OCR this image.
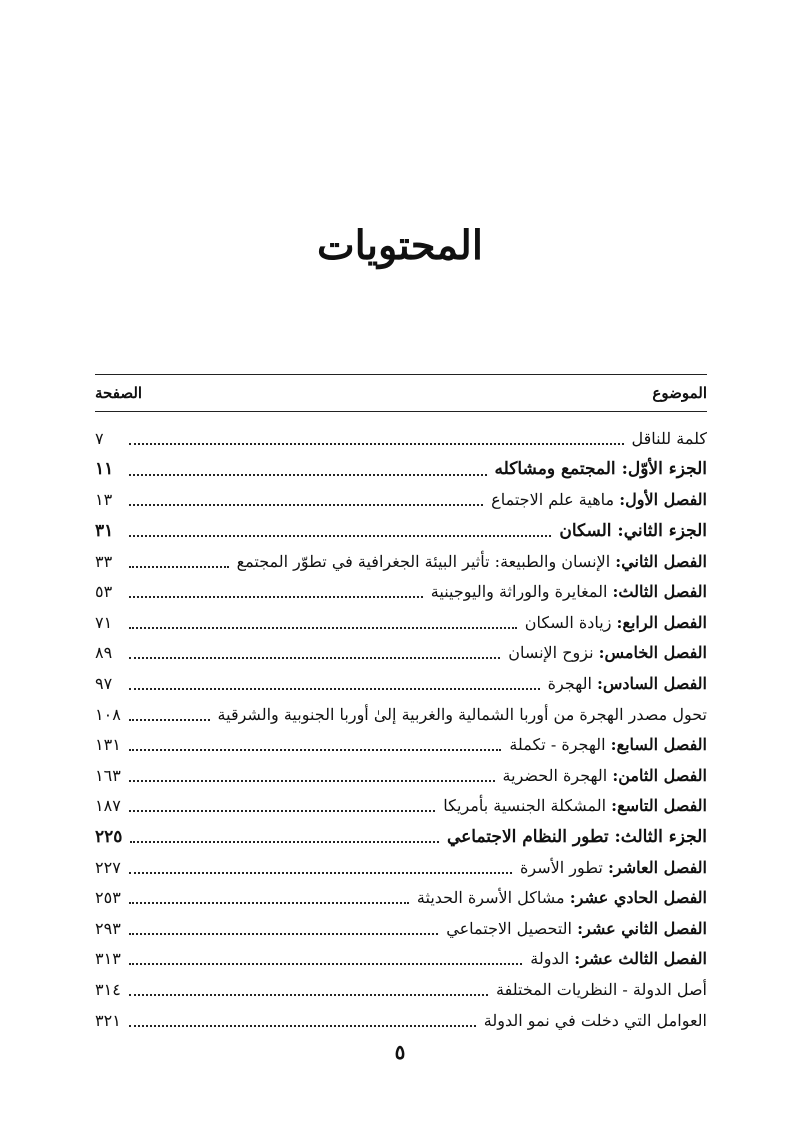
المحتويات
الموضوع
الصفحة
كلمة للناقل
٧
الجزء الأوّل: المجتمع ومشاكله
١١
الفصل الأول: ماهية علم الاجتماع
١٣
الجزء الثاني: السكان
٣١
الفصل الثاني: الإنسان والطبيعة: تأثير البيئة الجغرافية في تطوّر المجتمع
٣٣
الفصل الثالث: المغايرة والوراثة واليوجينية
٥٣
الفصل الرابع: زيادة السكان
٧١
الفصل الخامس: نزوح الإنسان
٨٩
الفصل السادس: الهجرة
٩٧
تحول مصدر الهجرة من أوربا الشمالية والغربية إلىٰ أوربا الجنوبية والشرقية
١٠٨
الفصل السابع: الهجرة - تكملة
١٣١
الفصل الثامن: الهجرة الحضرية
١٦٣
الفصل التاسع: المشكلة الجنسية بأمريكا
١٨٧
الجزء الثالث: تطور النظام الاجتماعي
٢٢٥
الفصل العاشر: تطور الأسرة
٢٢٧
الفصل الحادي عشر: مشاكل الأسرة الحديثة
٢٥٣
الفصل الثاني عشر: التحصيل الاجتماعي
٢٩٣
الفصل الثالث عشر: الدولة
٣١٣
أصل الدولة - النظريات المختلفة
٣١٤
العوامل التي دخلت في نمو الدولة
٣٢١
٥
